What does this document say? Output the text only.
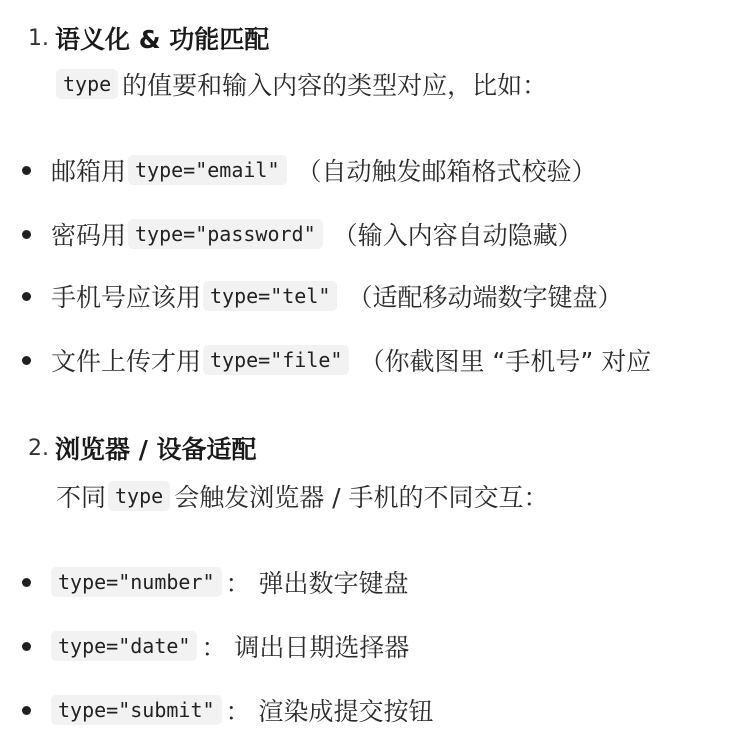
1. 语义化 & 功能匹配
type 的值要和输入内容的类型对应，比如：
邮箱用 type="email" （自动触发邮箱格式校验）
密码用 type="password" （输入内容自动隐藏）
手机号应该用 type="tel" （适配移动端数字键盘）
文件上传才用 type="file" （你截图里 “手机号” 对应
2. 浏览器 / 设备适配
不同 type 会触发浏览器 / 手机的不同交互：
type="number" ： 弹出数字键盘
type="date" ： 调出日期选择器
type="submit" ： 渲染成提交按钮
